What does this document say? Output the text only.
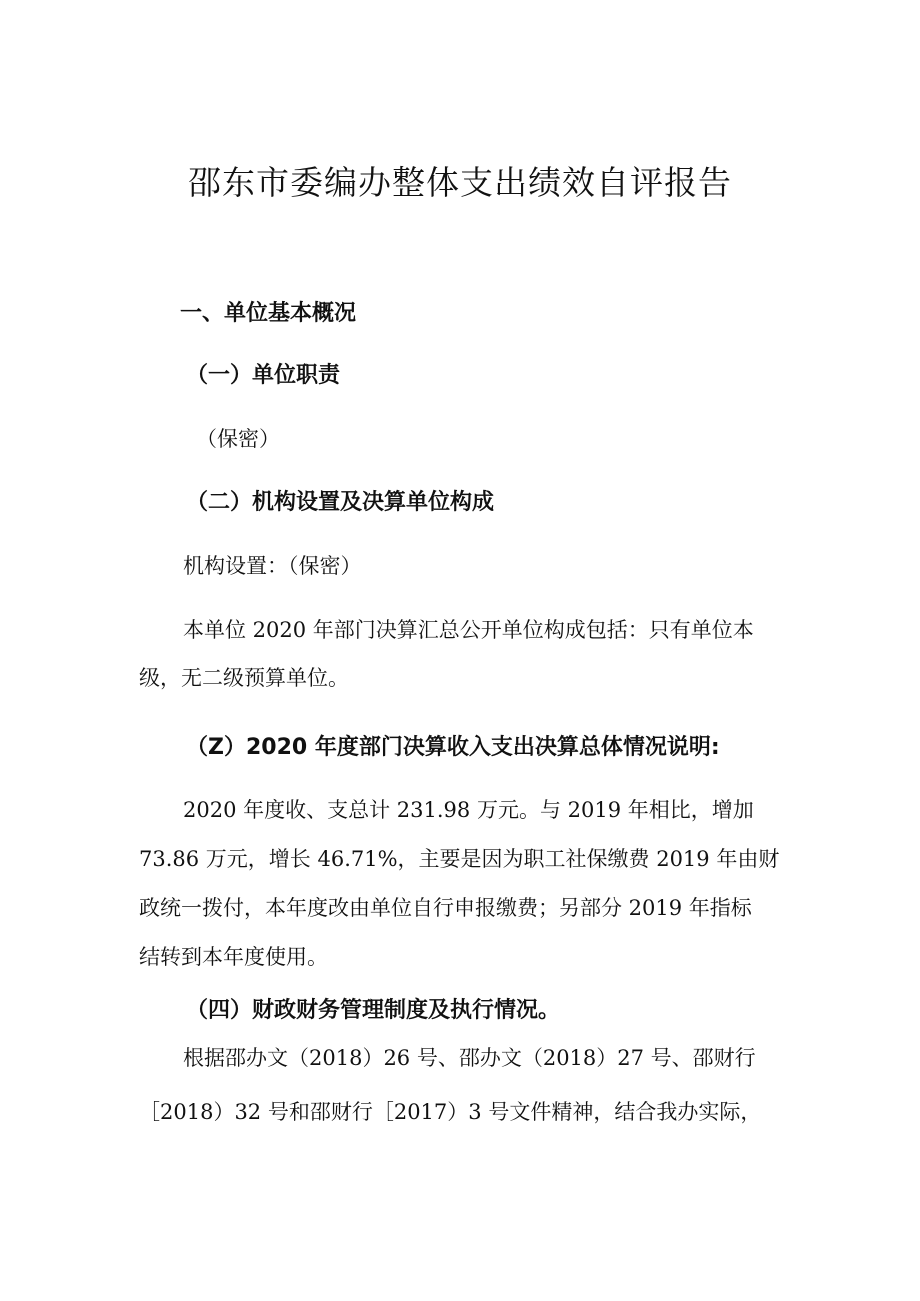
邵东市委编办整体支出绩效自评报告
一、单位基本概况
（一）单位职责
（保密）
（二）机构设置及决算单位构成
机构设置：（保密）
本单位 2020 年部门决算汇总公开单位构成包括：只有单位本
级，无二级预算单位。
（Z）2020 年度部门决算收入支出决算总体情况说明:
2020 年度收、支总计 231.98 万元。与 2019 年相比，增加
73.86 万元，增长 46.71%，主要是因为职工社保缴费 2019 年由财
政统一拨付，本年度改由单位自行申报缴费；另部分 2019 年指标
结转到本年度使用。
（四）财政财务管理制度及执行情况。
根据邵办文（2018）26 号、邵办文（2018）27 号、邵财行
［2018）32 号和邵财行［2017）3 号文件精神，结合我办实际，
